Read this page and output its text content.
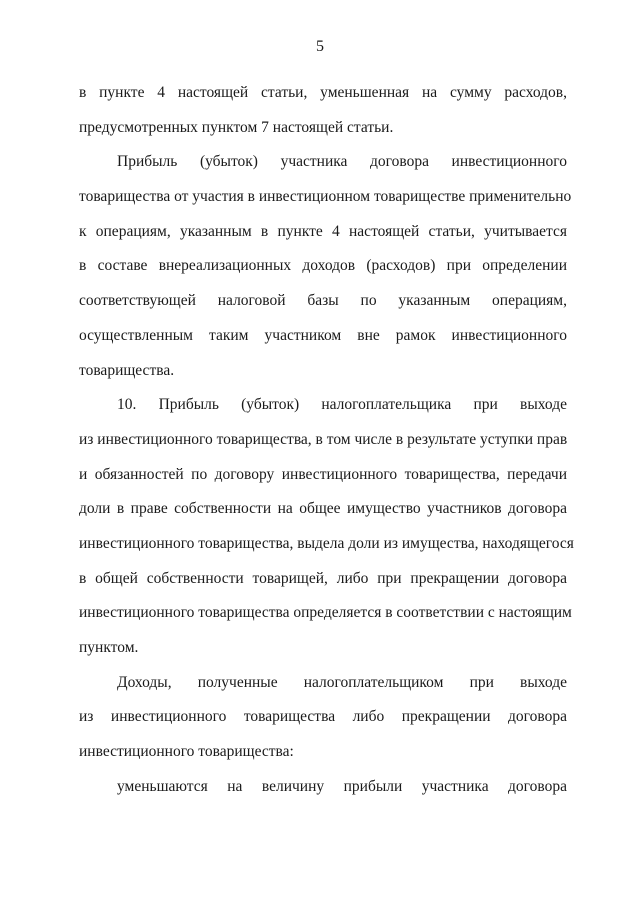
5
в пункте 4 настоящей статьи, уменьшенная на сумму расходов,
предусмотренных пунктом 7 настоящей статьи.
Прибыль (убыток) участника договора инвестиционного
товарищества от участия в инвестиционном товариществе применительно
к операциям, указанным в пункте 4 настоящей статьи, учитывается
в составе внереализационных доходов (расходов) при определении
соответствующей налоговой базы по указанным операциям,
осуществленным таким участником вне рамок инвестиционного
товарищества.
10. Прибыль (убыток) налогоплательщика при выходе
из инвестиционного товарищества, в том числе в результате уступки прав
и обязанностей по договору инвестиционного товарищества, передачи
доли в праве собственности на общее имущество участников договора
инвестиционного товарищества, выдела доли из имущества, находящегося
в общей собственности товарищей, либо при прекращении договора
инвестиционного товарищества определяется в соответствии с настоящим
пунктом.
Доходы, полученные налогоплательщиком при выходе
из инвестиционного товарищества либо прекращении договора
инвестиционного товарищества:
уменьшаются на величину прибыли участника договора
